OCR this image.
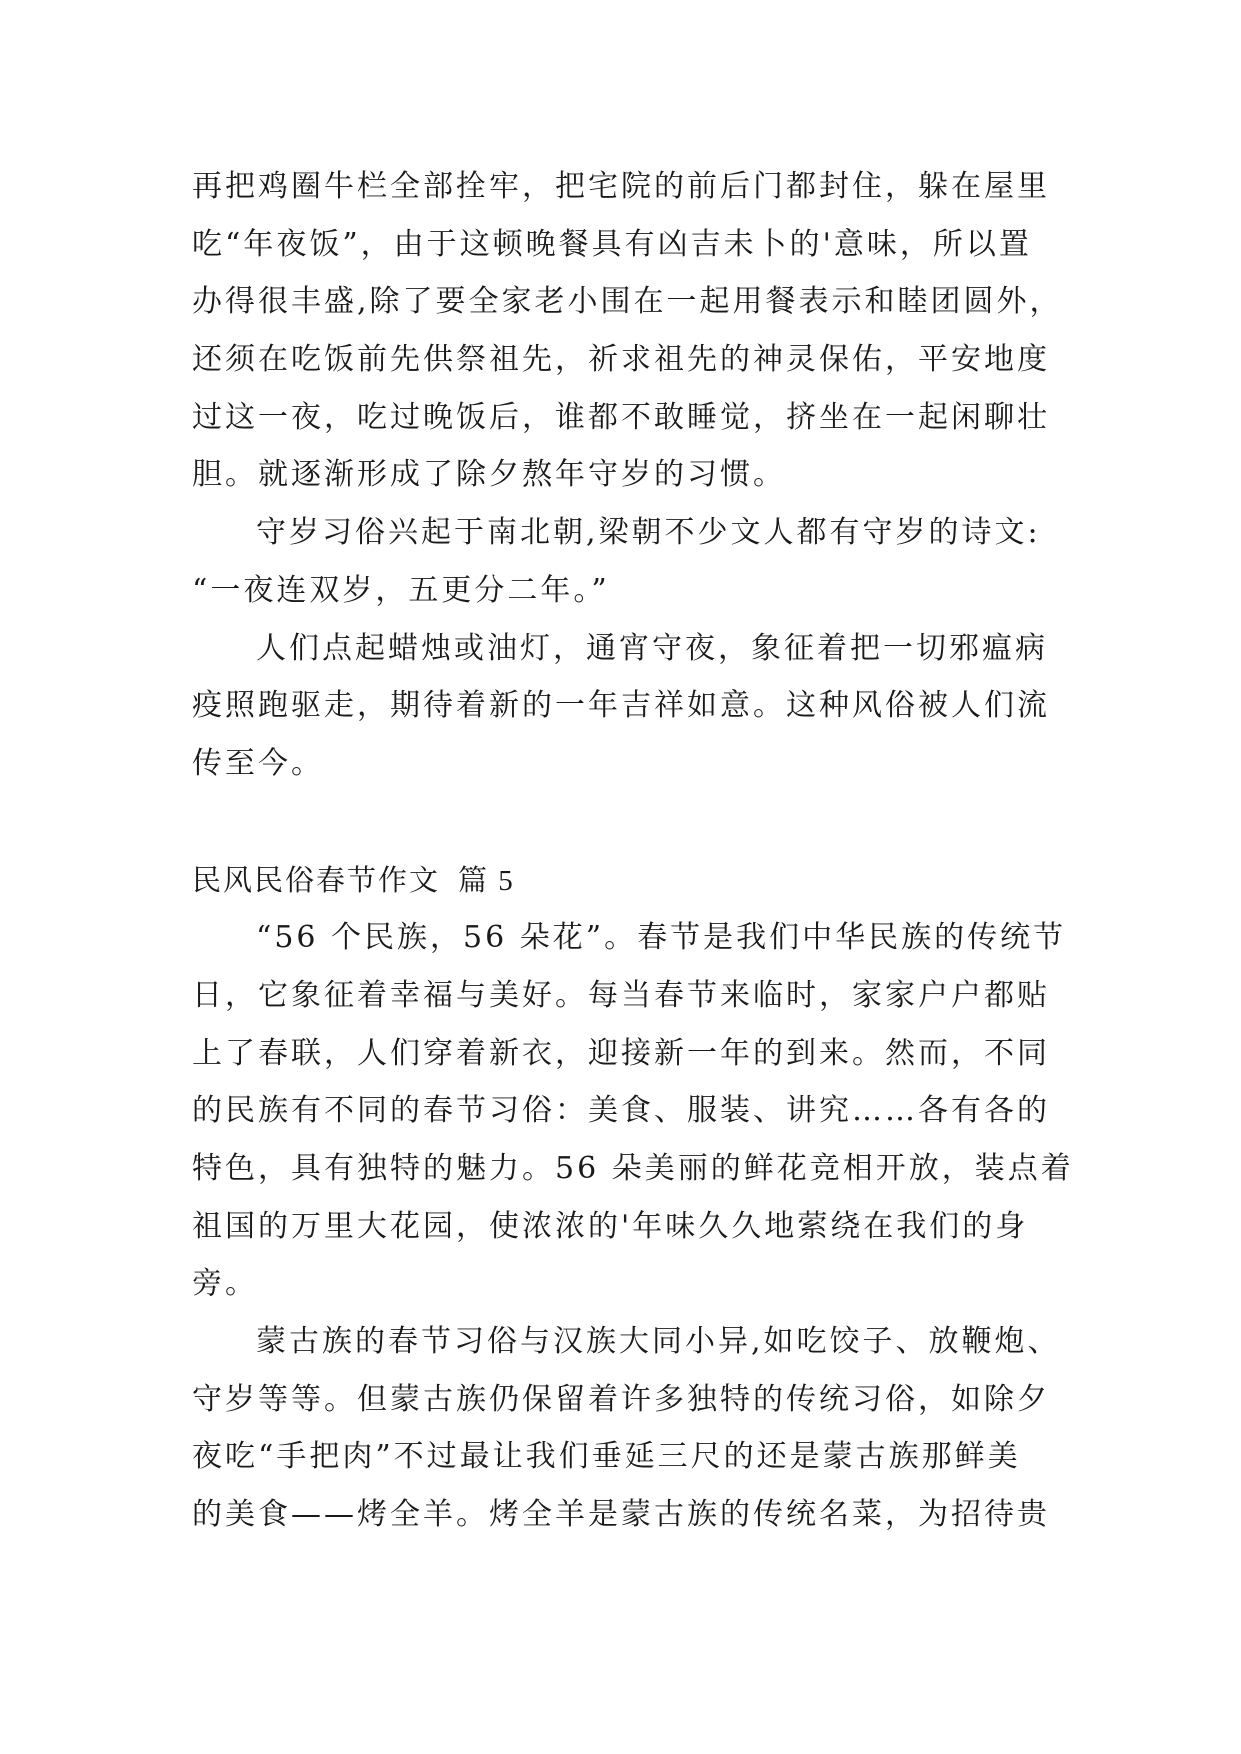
再把鸡圈牛栏全部拴牢，把宅院的前后门都封住，躲在屋里
吃“年夜饭”，由于这顿晚餐具有凶吉未卜的'意味，所以置
办得很丰盛,除了要全家老小围在一起用餐表示和睦团圆外，
还须在吃饭前先供祭祖先，祈求祖先的神灵保佑，平安地度
过这一夜，吃过晚饭后，谁都不敢睡觉，挤坐在一起闲聊壮
胆。就逐渐形成了除夕熬年守岁的习惯。
守岁习俗兴起于南北朝,梁朝不少文人都有守岁的诗文:
“一夜连双岁，五更分二年。”
人们点起蜡烛或油灯，通宵守夜，象征着把一切邪瘟病
疫照跑驱走，期待着新的一年吉祥如意。这种风俗被人们流
传至今。
民风民俗春节作文 篇 5
“56 个民族，56 朵花”。春节是我们中华民族的传统节
日，它象征着幸福与美好。每当春节来临时，家家户户都贴
上了春联，人们穿着新衣，迎接新一年的到来。然而，不同
的民族有不同的春节习俗：美食、服装、讲究……各有各的
特色，具有独特的魅力。56 朵美丽的鲜花竞相开放，装点着
祖国的万里大花园，使浓浓的'年味久久地萦绕在我们的身
旁。
蒙古族的春节习俗与汉族大同小异,如吃饺子、放鞭炮、
守岁等等。但蒙古族仍保留着许多独特的传统习俗，如除夕
夜吃“手把肉”不过最让我们垂延三尺的还是蒙古族那鲜美
的美食——烤全羊。烤全羊是蒙古族的传统名菜，为招待贵
